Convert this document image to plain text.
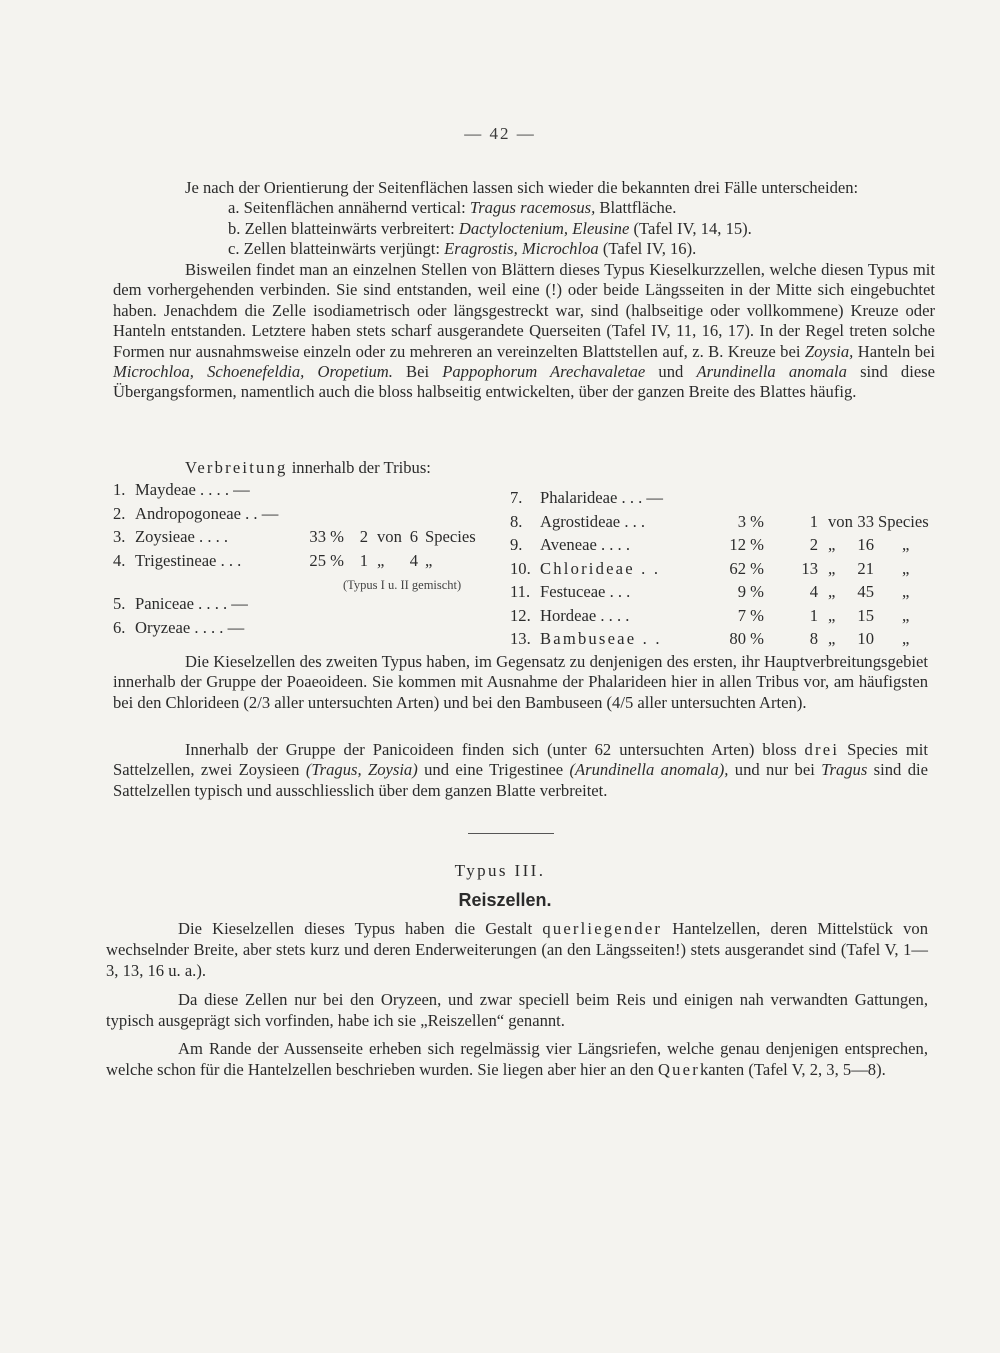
— 42 —

Je nach der Orientierung der Seitenflächen lassen sich wieder die bekannten drei Fälle unterscheiden:

a. Seitenflächen annähernd vertical: Tragus racemosus, Blattfläche.

b. Zellen blatteinwärts verbreitert: Dactyloctenium, Eleusine (Tafel IV, 14, 15).

c. Zellen blatteinwärts verjüngt: Eragrostis, Microchloa (Tafel IV, 16).

Bisweilen findet man an einzelnen Stellen von Blättern dieses Typus Kieselkurzzellen, welche diesen Typus mit dem vorhergehenden verbinden. Sie sind entstanden, weil eine (!) oder beide Längsseiten in der Mitte sich eingebuchtet haben. Jenachdem die Zelle isodiametrisch oder längsgestreckt war, sind (halbseitige oder vollkommene) Kreuze oder Hanteln entstanden. Letztere haben stets scharf ausgerandete Querseiten (Tafel IV, 11, 16, 17). In der Regel treten solche Formen nur ausnahmsweise einzeln oder zu mehreren an vereinzelten Blattstellen auf, z. B. Kreuze bei Zoysia, Hanteln bei Microchloa, Schoenefeldia, Oropetium. Bei Pappophorum Arechavaletae und Arundinella anomala sind diese Übergangsformen, namentlich auch die bloss halbseitig entwickelten, über der ganzen Breite des Blattes häufig.

Verbreitung innerhalb der Tribus:
1. Maydeae . . . . —
2. Andropogoneae . . —
3. Zoysieae . . . .	33 % 2 von 6 Species
4. Trigestineae . . .	25 % 1 „	4 „
5. Paniceae . . . . —
6. Oryzeae . . . . —
(Typus I u. II gemischt)
7. Phalarideae . . . —
8. Agrostideae . . .	3 %	1 von 33 Species
9. Aveneae . . . .	12 %	2 „	16 „
10. Chlorideae . .	62 %	13 „	21 „
11. Festuceae . . .	9 %	4 „	45 „
12. Hordeae . . . .	7 %	1 „	15 „
13. Bambuseae . .	80 %	8 „	10 „

Die Kieselzellen des zweiten Typus haben, im Gegensatz zu denjenigen des ersten, ihr Hauptverbreitungsgebiet innerhalb der Gruppe der Poaeoideen. Sie kommen mit Ausnahme der Phalarideen hier in allen Tribus vor, am häufigsten bei den Chlorideen (2/3 aller untersuchten Arten) und bei den Bambuseen (4/5 aller untersuchten Arten).

Innerhalb der Gruppe der Panicoideen finden sich (unter 62 untersuchten Arten) bloss drei Species mit Sattelzellen, zwei Zoysieen (Tragus, Zoysia) und eine Trigestinee (Arundinella anomala), und nur bei Tragus sind die Sattelzellen typisch und ausschliesslich über dem ganzen Blatte verbreitet.

Typus III.
Reiszellen.

Die Kieselzellen dieses Typus haben die Gestalt querliegender Hantelzellen, deren Mittelstück von wechselnder Breite, aber stets kurz und deren Enderweiterungen (an den Längsseiten!) stets ausgerandet sind (Tafel V, 1—3, 13, 16 u. a.).

Da diese Zellen nur bei den Oryzeen, und zwar speciell beim Reis und einigen nah verwandten Gattungen, typisch ausgeprägt sich vorfinden, habe ich sie „Reiszellen“ genannt.

Am Rande der Aussenseite erheben sich regelmässig vier Längsriefen, welche genau denjenigen entsprechen, welche schon für die Hantelzellen beschrieben wurden. Sie liegen aber hier an den Querkanten (Tafel V, 2, 3, 5—8).
